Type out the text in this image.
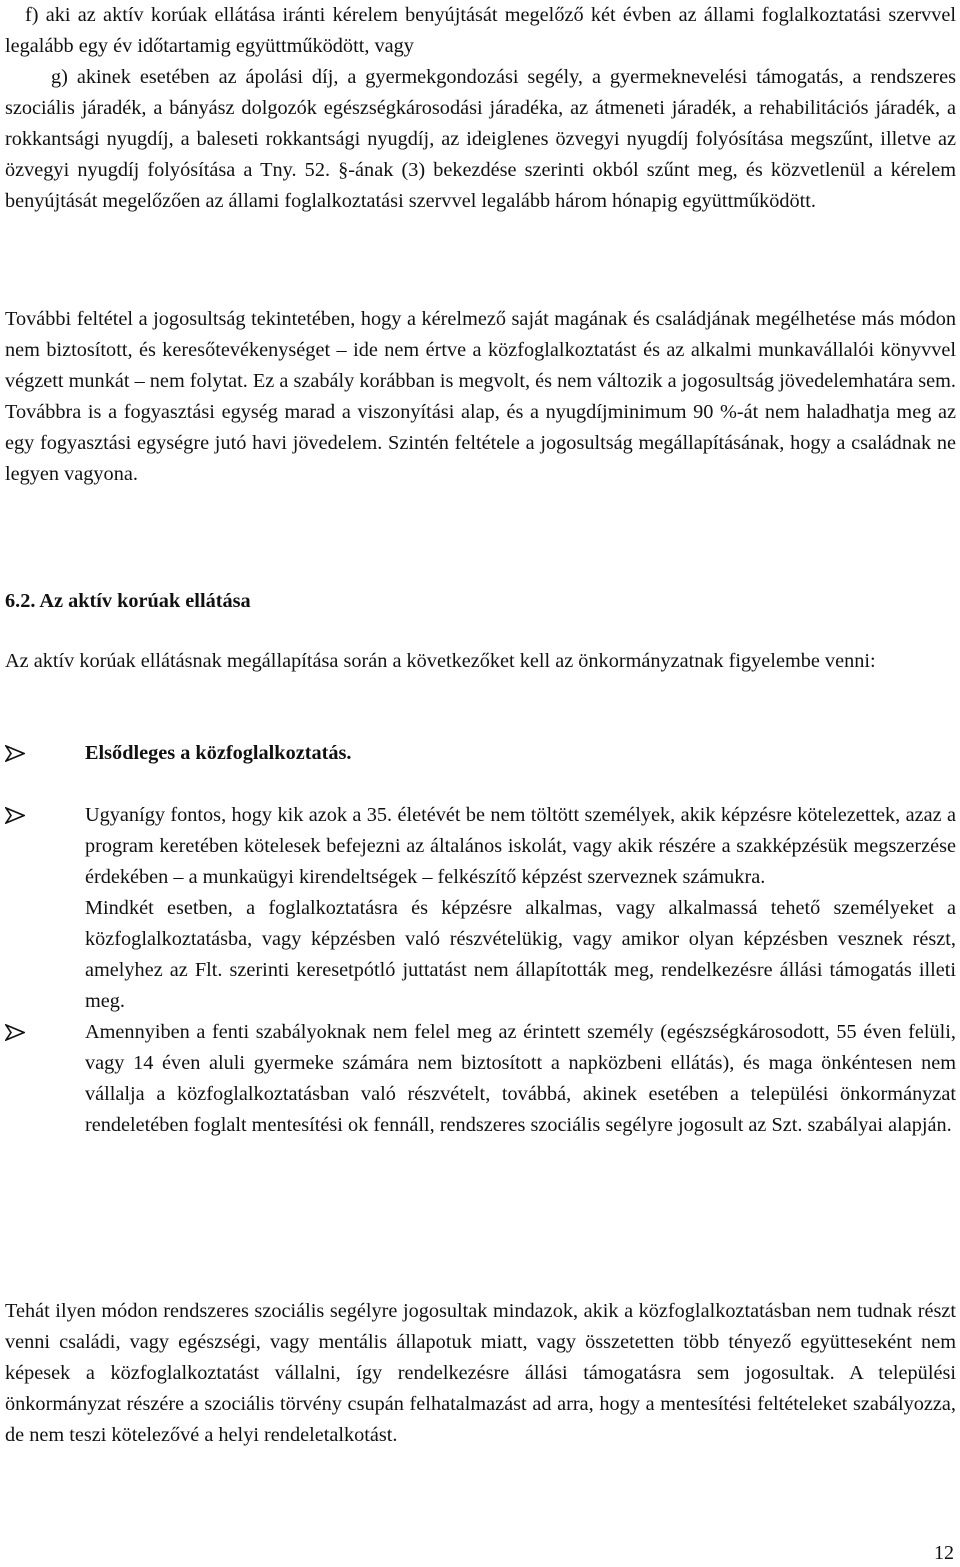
f) aki az aktív korúak ellátása iránti kérelem benyújtását megelőző két évben az állami foglalkoztatási szervvel legalább egy év időtartamig együttműködött, vagy

g) akinek esetében az ápolási díj, a gyermekgondozási segély, a gyermeknevelési támogatás, a rendszeres szociális járadék, a bányász dolgozók egészségkárosodási járadéka, az átmeneti járadék, a rehabilitációs járadék, a rokkantsági nyugdíj, a baleseti rokkantsági nyugdíj, az ideiglenes özvegyi nyugdíj folyósítása megszűnt, illetve az özvegyi nyugdíj folyósítása a Tny. 52. §-ának (3) bekezdése szerinti okból szűnt meg, és közvetlenül a kérelem benyújtását megelőzően az állami foglalkoztatási szervvel legalább három hónapig együttműködött.

További feltétel a jogosultság tekintetében, hogy a kérelmező saját magának és családjának megélhetése más módon nem biztosított, és keresőtevékenységet ‒ ide nem értve a közfoglalkoztatást és az alkalmi munkavállalói könyvvel végzett munkát ‒ nem folytat. Ez a szabály korábban is megvolt, és nem változik a jogosultság jövedelemhatára sem. Továbbra is a fogyasztási egység marad a viszonyítási alap, és a nyugdíjminimum 90 %-át nem haladhatja meg az egy fogyasztási egységre jutó havi jövedelem. Szintén feltétele a jogosultság megállapításának, hogy a családnak ne legyen vagyona.

6.2. Az aktív korúak ellátása

Az aktív korúak ellátásnak megállapítása során a következőket kell az önkormányzatnak figyelembe venni:

Elsődleges a közfoglalkoztatás.

Ugyanígy fontos, hogy kik azok a 35. életévét be nem töltött személyek, akik képzésre kötelezettek, azaz a program keretében kötelesek befejezni az általános iskolát, vagy akik részére a szakképzésük megszerzése érdekében ‒ a munkaügyi kirendeltségek ‒ felkészítő képzést szerveznek számukra.

Mindkét esetben, a foglalkoztatásra és képzésre alkalmas, vagy alkalmassá tehető személyeket a közfoglalkoztatásba, vagy képzésben való részvételükig, vagy amikor olyan képzésben vesznek részt, amelyhez az Flt. szerinti keresetpótló juttatást nem állapították meg, rendelkezésre állási támogatás illeti meg.

Amennyiben a fenti szabályoknak nem felel meg az érintett személy (egészségkárosodott, 55 éven felüli, vagy 14 éven aluli gyermeke számára nem biztosított a napközbeni ellátás), és maga önkéntesen nem vállalja a közfoglalkoztatásban való részvételt, továbbá, akinek esetében a települési önkormányzat rendeletében foglalt mentesítési ok fennáll, rendszeres szociális segélyre jogosult az Szt. szabályai alapján.

Tehát ilyen módon rendszeres szociális segélyre jogosultak mindazok, akik a közfoglalkoztatásban nem tudnak részt venni családi, vagy egészségi, vagy mentális állapotuk miatt, vagy összetetten több tényező együtteseként nem képesek a közfoglalkoztatást vállalni, így rendelkezésre állási támogatásra sem jogosultak. A települési önkormányzat részére a szociális törvény csupán felhatalmazást ad arra, hogy a mentesítési feltételeket szabályozza, de nem teszi kötelezővé a helyi rendeletalkotást.

12
